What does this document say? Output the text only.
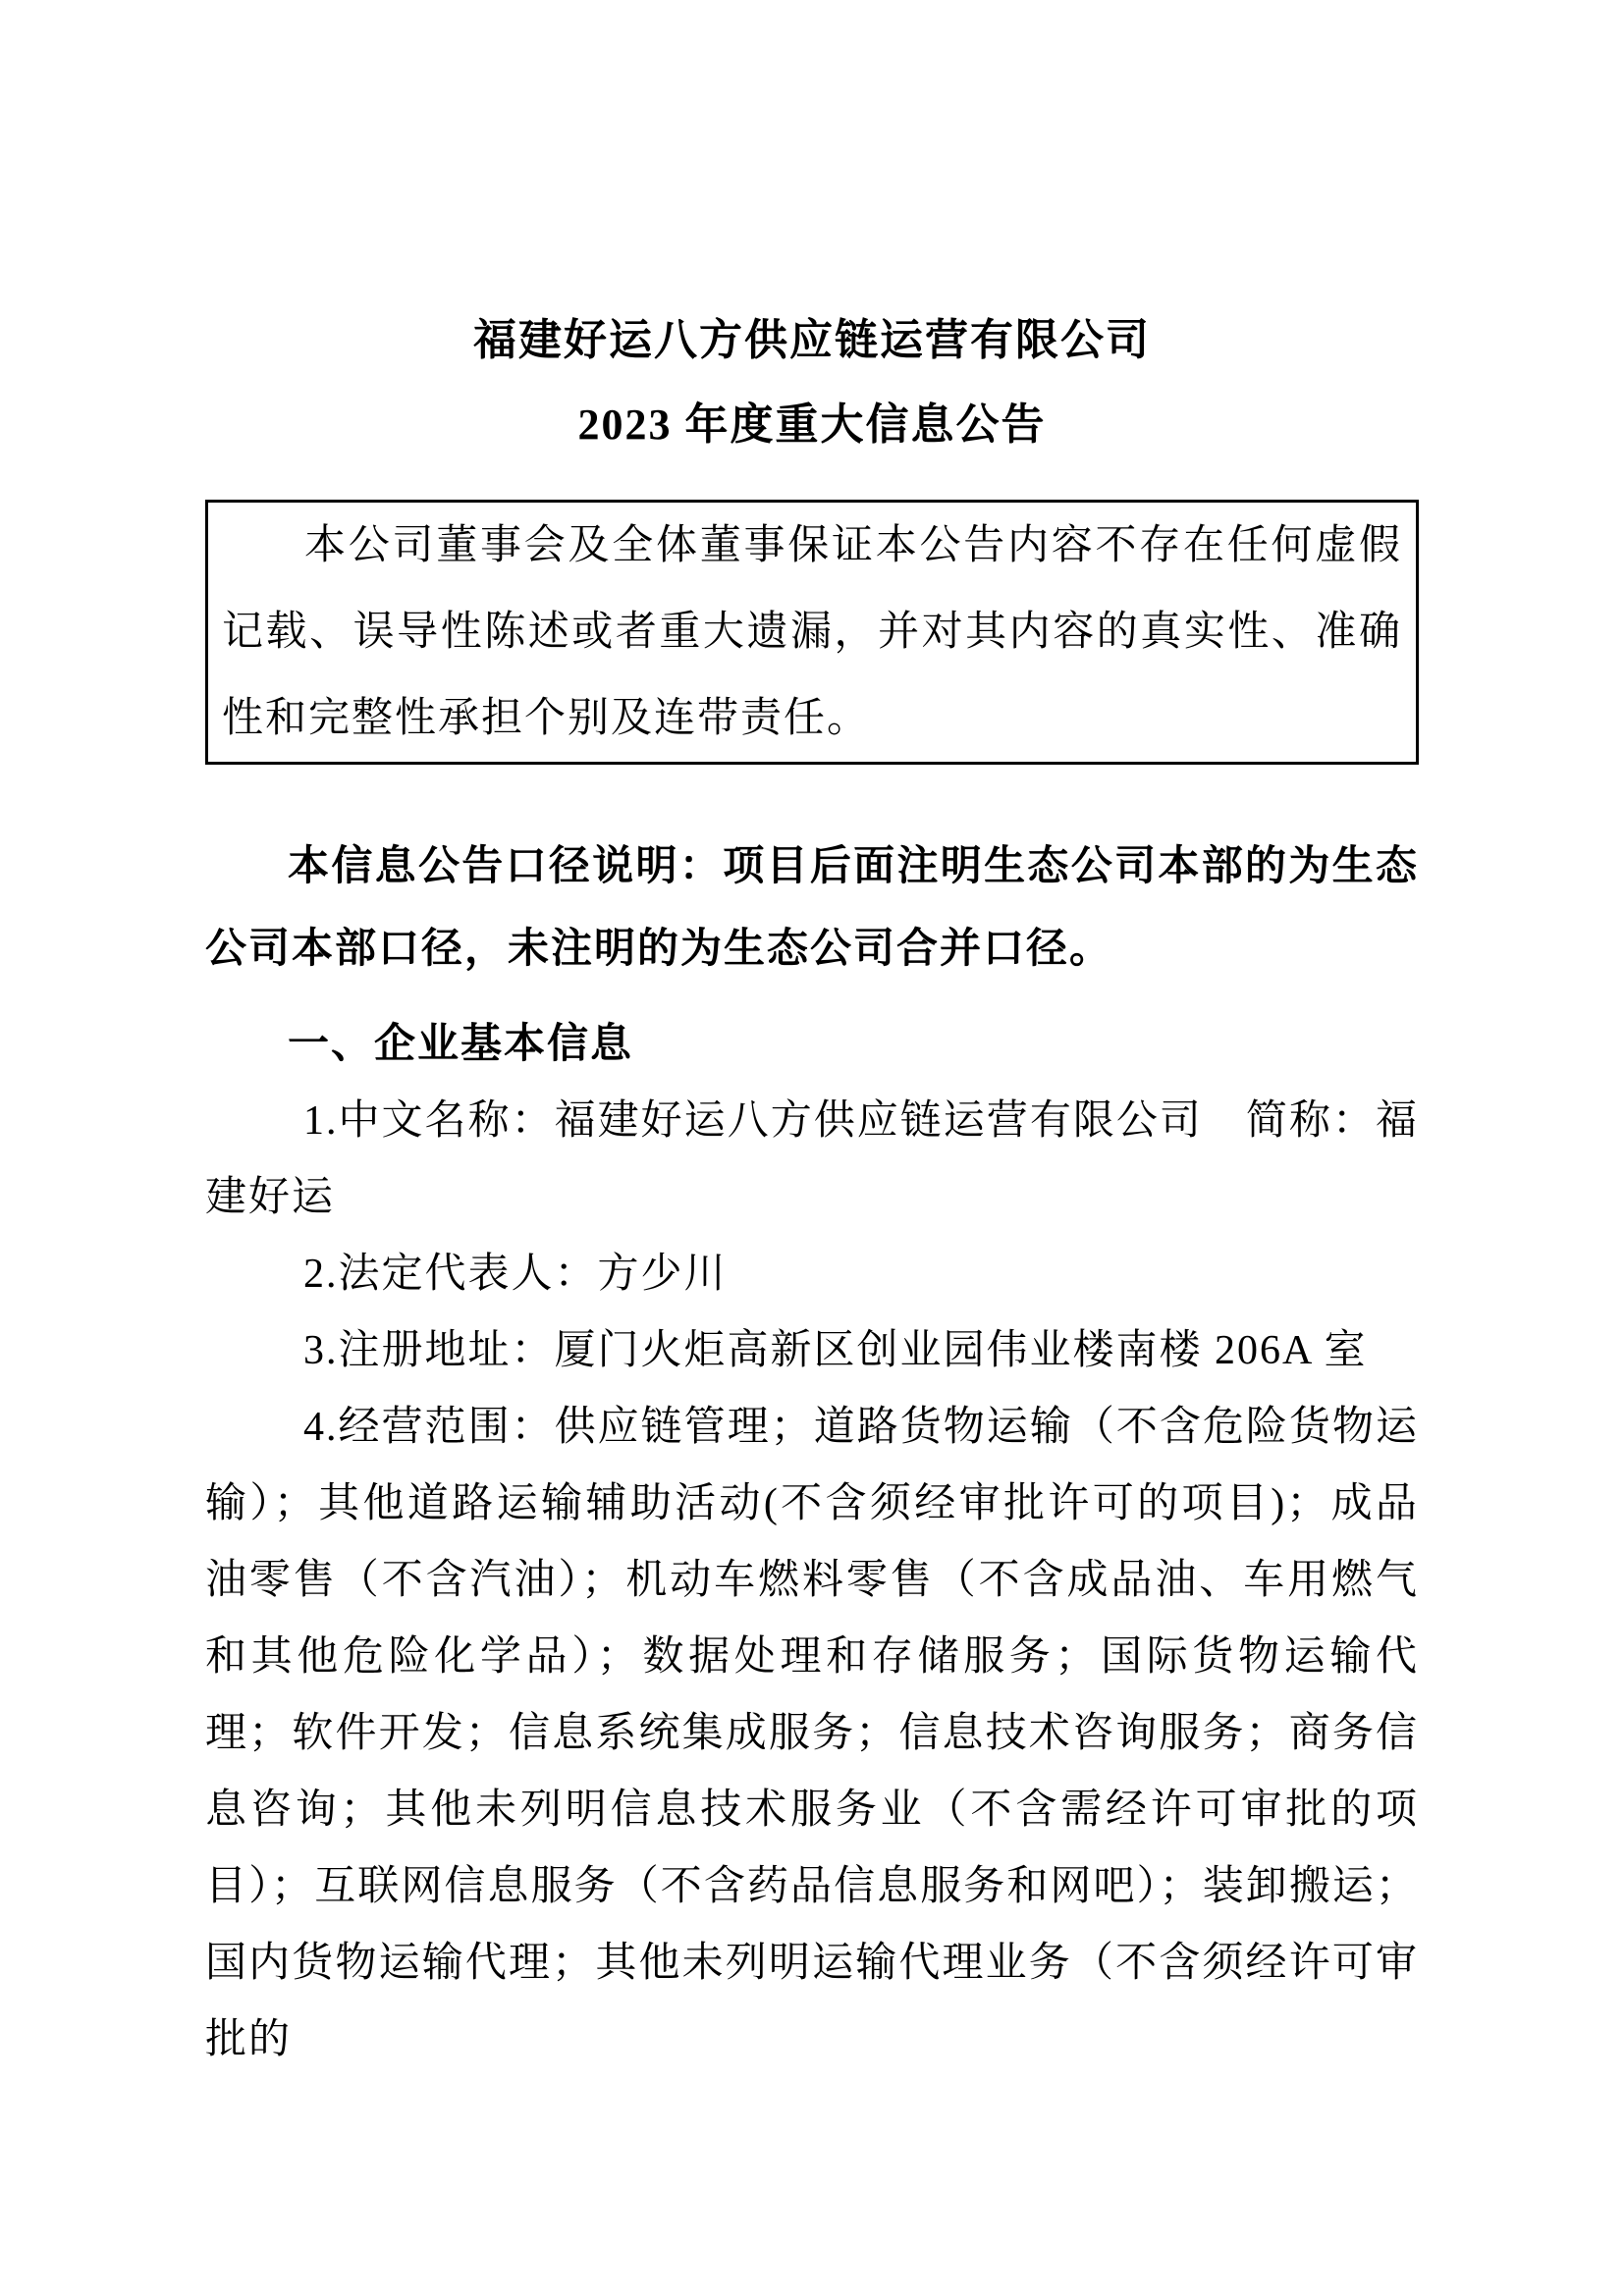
福建好运八方供应链运营有限公司
2023 年度重大信息公告

本公司董事会及全体董事保证本公告内容不存在任何虚假记载、误导性陈述或者重大遗漏，并对其内容的真实性、准确性和完整性承担个别及连带责任。

本信息公告口径说明：项目后面注明生态公司本部的为生态公司本部口径，未注明的为生态公司合并口径。

一、企业基本信息

1.中文名称：福建好运八方供应链运营有限公司　简称：福建好运

2.法定代表人：方少川

3.注册地址：厦门火炬高新区创业园伟业楼南楼 206A 室

4.经营范围：供应链管理；道路货物运输（不含危险货物运输）；其他道路运输辅助活动(不含须经审批许可的项目)；成品油零售（不含汽油）；机动车燃料零售（不含成品油、车用燃气和其他危险化学品）；数据处理和存储服务；国际货物运输代理；软件开发；信息系统集成服务；信息技术咨询服务；商务信息咨询；其他未列明信息技术服务业（不含需经许可审批的项目）；互联网信息服务（不含药品信息服务和网吧）；装卸搬运；国内货物运输代理；其他未列明运输代理业务（不含须经许可审批的
